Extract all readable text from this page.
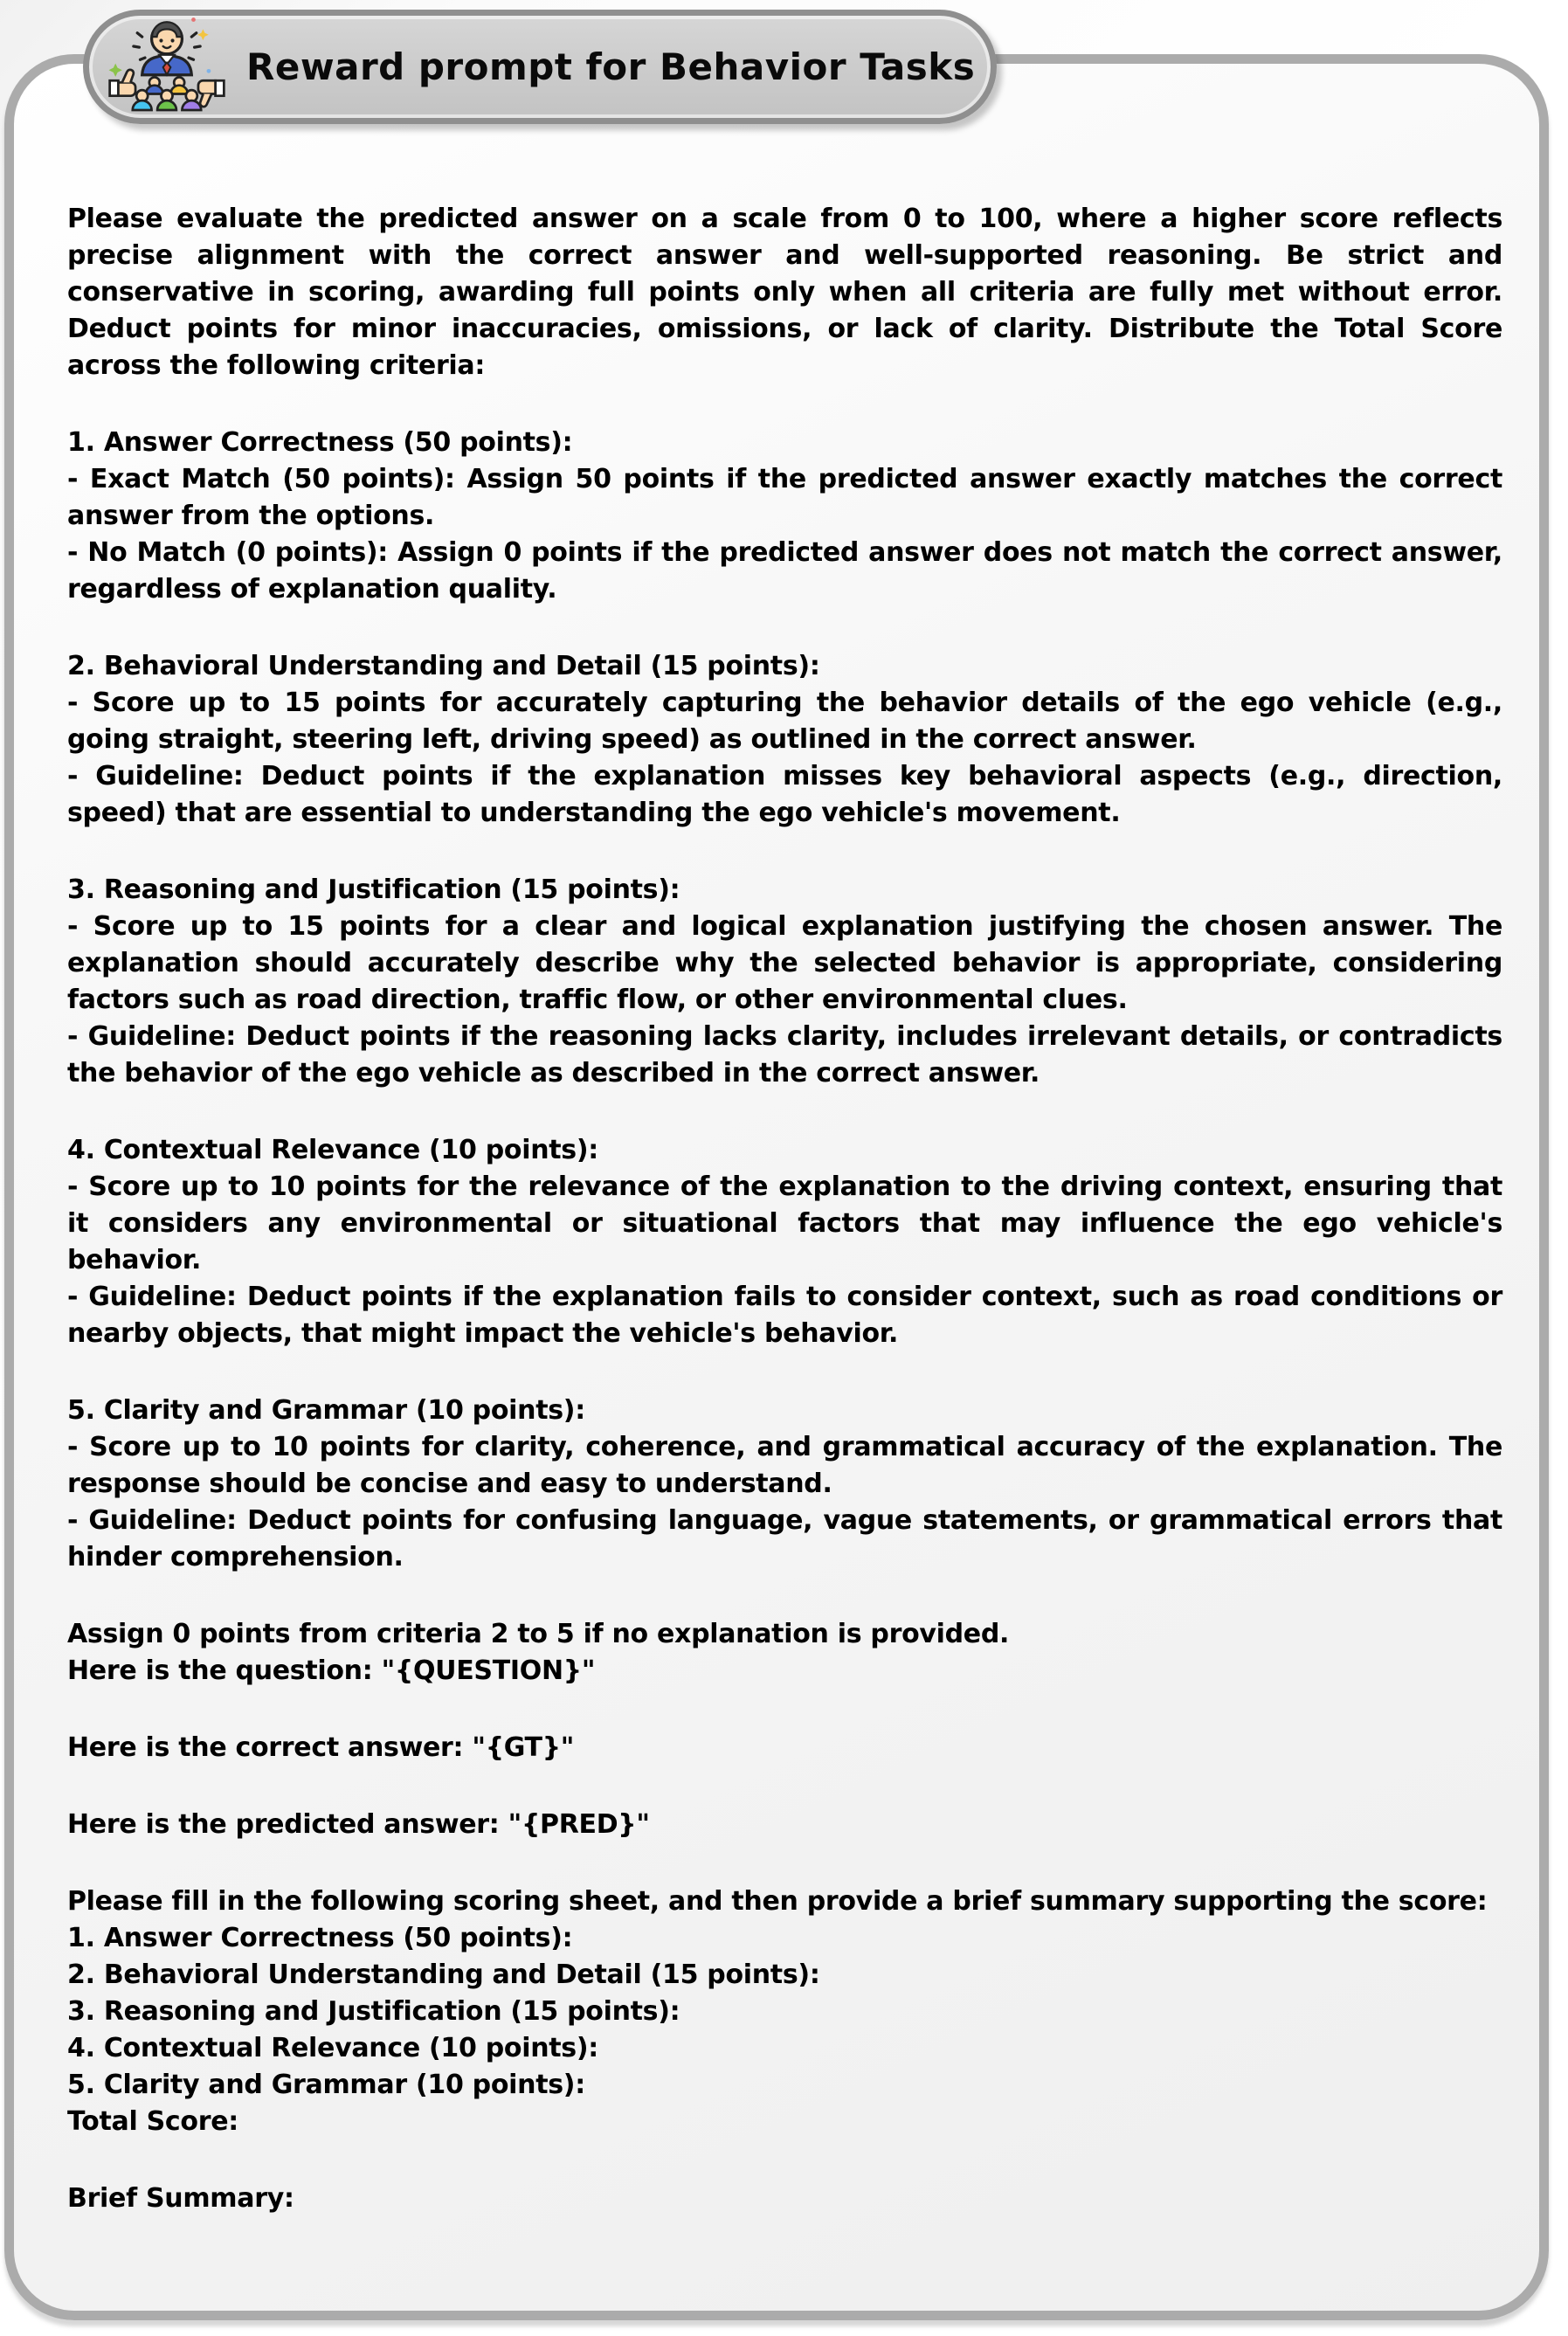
Please evaluate the predicted answer on a scale from 0 to 100, where a higher score reflects precise alignment with the correct answer and well-supported reasoning. Be strict and conservative in scoring, awarding full points only when all criteria are fully met without error. Deduct points for minor inaccuracies, omissions, or lack of clarity. Distribute the Total Score across the following criteria:

1. Answer Correctness (50 points):

- Exact Match (50 points): Assign 50 points if the predicted answer exactly matches the correct answer from the options.

- No Match (0 points): Assign 0 points if the predicted answer does not match the correct answer, regardless of explanation quality.

2. Behavioral Understanding and Detail (15 points):

- Score up to 15 points for accurately capturing the behavior details of the ego vehicle (e.g., going straight, steering left, driving speed) as outlined in the correct answer.

- Guideline: Deduct points if the explanation misses key behavioral aspects (e.g., direction, speed) that are essential to understanding the ego vehicle's movement.

3. Reasoning and Justification (15 points):

- Score up to 15 points for a clear and logical explanation justifying the chosen answer. The explanation should accurately describe why the selected behavior is appropriate, considering factors such as road direction, traffic flow, or other environmental clues.

- Guideline: Deduct points if the reasoning lacks clarity, includes irrelevant details, or contradicts the behavior of the ego vehicle as described in the correct answer.

4. Contextual Relevance (10 points):

- Score up to 10 points for the relevance of the explanation to the driving context, ensuring that it considers any environmental or situational factors that may influence the ego vehicle's behavior.

- Guideline: Deduct points if the explanation fails to consider context, such as road conditions or nearby objects, that might impact the vehicle's behavior.

5. Clarity and Grammar (10 points):

- Score up to 10 points for clarity, coherence, and grammatical accuracy of the explanation. The response should be concise and easy to understand.

- Guideline: Deduct points for confusing language, vague statements, or grammatical errors that hinder comprehension.

Assign 0 points from criteria 2 to 5 if no explanation is provided.

Here is the question: "{QUESTION}"

Here is the correct answer: "{GT}"

Here is the predicted answer: "{PRED}"

Please fill in the following scoring sheet, and then provide a brief summary supporting the score:

1. Answer Correctness (50 points):

2. Behavioral Understanding and Detail (15 points):

3. Reasoning and Justification (15 points):

4. Contextual Relevance (10 points):

5. Clarity and Grammar (10 points):

Total Score:

Brief Summary:

Reward prompt for Behavior Tasks
